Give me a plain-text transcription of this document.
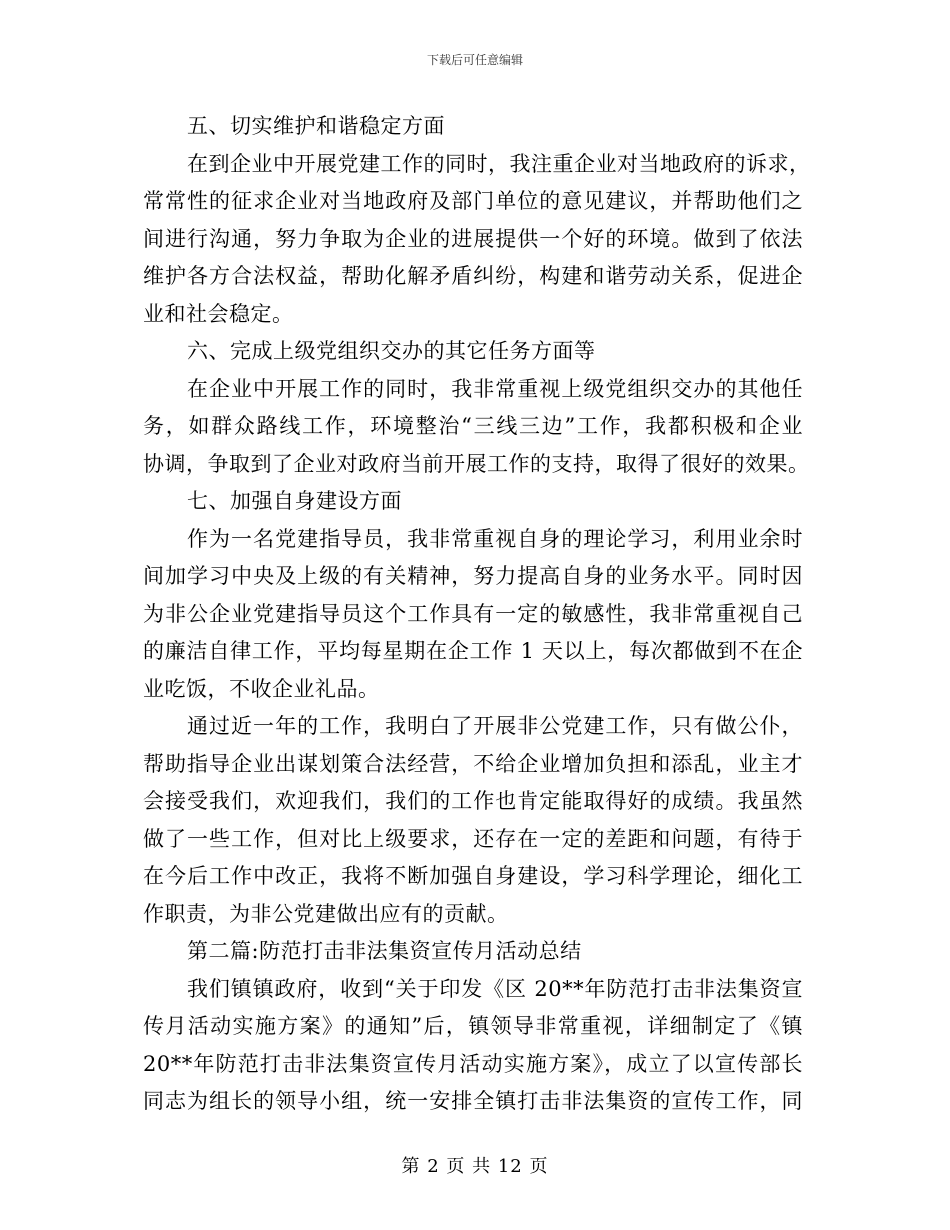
下载后可任意编辑
五、切实维护和谐稳定方面
在到企业中开展党建工作的同时，我注重企业对当地政府的诉求，
常常性的征求企业对当地政府及部门单位的意见建议，并帮助他们之
间进行沟通，努力争取为企业的进展提供一个好的环境。做到了依法
维护各方合法权益，帮助化解矛盾纠纷，构建和谐劳动关系，促进企
业和社会稳定。
六、完成上级党组织交办的其它任务方面等
在企业中开展工作的同时，我非常重视上级党组织交办的其他任
务，如群众路线工作，环境整治“三线三边”工作，我都积极和企业
协调，争取到了企业对政府当前开展工作的支持，取得了很好的效果。
七、加强自身建设方面
作为一名党建指导员，我非常重视自身的理论学习，利用业余时
间加学习中央及上级的有关精神，努力提高自身的业务水平。同时因
为非公企业党建指导员这个工作具有一定的敏感性，我非常重视自己
的廉洁自律工作，平均每星期在企工作 1 天以上，每次都做到不在企
业吃饭，不收企业礼品。
通过近一年的工作，我明白了开展非公党建工作，只有做公仆，
帮助指导企业出谋划策合法经营，不给企业增加负担和添乱，业主才
会接受我们，欢迎我们，我们的工作也肯定能取得好的成绩。我虽然
做了一些工作，但对比上级要求，还存在一定的差距和问题，有待于
在今后工作中改正，我将不断加强自身建设，学习科学理论，细化工
作职责，为非公党建做出应有的贡献。
第二篇:防范打击非法集资宣传月活动总结
我们镇镇政府，收到“关于印发《区 20**年防范打击非法集资宣
传月活动实施方案》的通知”后，镇领导非常重视，详细制定了《镇
20**年防范打击非法集资宣传月活动实施方案》，成立了以宣传部长
同志为组长的领导小组，统一安排全镇打击非法集资的宣传工作，同
第 2 页 共 12 页
